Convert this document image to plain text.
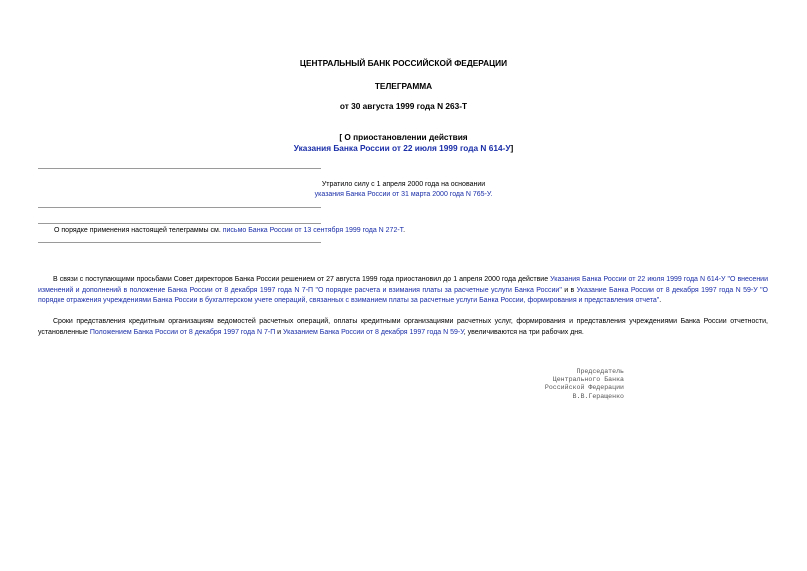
ЦЕНТРАЛЬНЫЙ БАНК РОССИЙСКОЙ ФЕДЕРАЦИИ
ТЕЛЕГРАММА
от 30 августа 1999 года N 263-Т
[ О приостановлении действия
Указания Банка России от 22 июля 1999 года N 614-У]
Утратило силу с 1 апреля 2000 года на основании
указания Банка России от 31 марта 2000 года N 765-У.
О порядке применения настоящей телеграммы см. письмо Банка России от 13 сентября 1999 года N 272-Т.
В связи с поступающими просьбами Совет директоров Банка России решением от 27 августа 1999 года приостановил до 1 апреля 2000 года действие Указания Банка России от 22 июля 1999 года N 614-У "О внесении изменений и дополнений в положение Банка России от 8 декабря 1997 года N 7-П "О порядке расчета и взимания платы за расчетные услуги Банка России" и в Указание Банка России от 8 декабря 1997 года N 59-У "О порядке отражения учреждениями Банка России в бухгалтерском учете операций, связанных с взиманием платы за расчетные услуги Банка России, формирования и представления отчета".
Сроки представления кредитным организациям ведомостей расчетных операций, оплаты кредитными организациями расчетных услуг, формирования и представления учреждениями Банка России отчетности, установленные Положением Банка России от 8 декабря 1997 года N 7-П и Указанием Банка России от 8 декабря 1997 года N 59-У, увеличиваются на три рабочих дня.
Председатель
Центрального Банка
Российской Федерации
В.В.Геращенко
